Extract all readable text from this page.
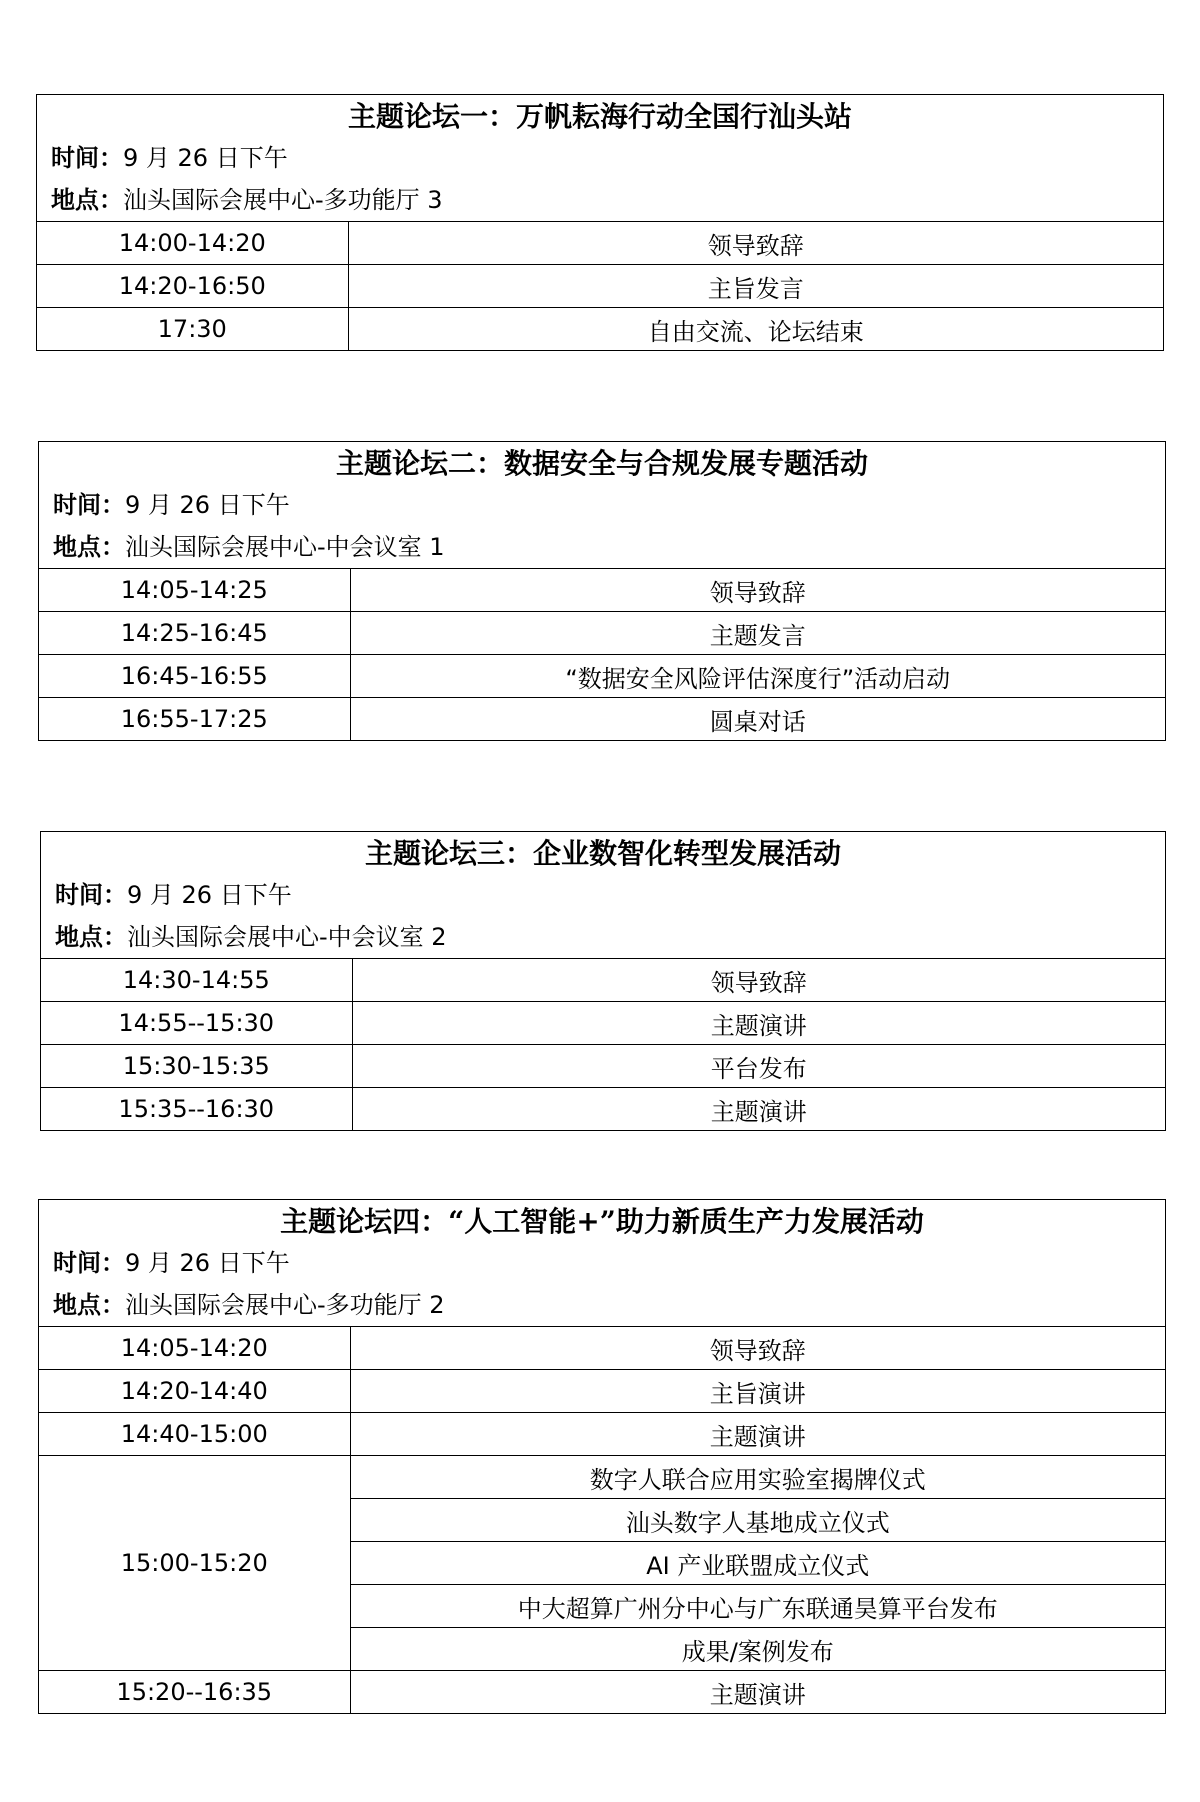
主题论坛一：万帆耘海行动全国行汕头站
时间：9 月 26 日下午
地点：汕头国际会展中心-多功能厅 3
14:00-14:20	领导致辞
14:20-16:50	主旨发言
17:30	自由交流、论坛结束
主题论坛二：数据安全与合规发展专题活动
时间：9 月 26 日下午
地点：汕头国际会展中心-中会议室 1
14:05-14:25	领导致辞
14:25-16:45	主题发言
16:45-16:55	“数据安全风险评估深度行”活动启动
16:55-17:25	圆桌对话
主题论坛三：企业数智化转型发展活动
时间：9 月 26 日下午
地点：汕头国际会展中心-中会议室 2
14:30-14:55	领导致辞
14:55--15:30	主题演讲
15:30-15:35	平台发布
15:35--16:30	主题演讲
主题论坛四：“人工智能+”助力新质生产力发展活动
时间：9 月 26 日下午
地点：汕头国际会展中心-多功能厅 2
14:05-14:20	领导致辞
14:20-14:40	主旨演讲
14:40-15:00	主题演讲
15:00-15:20	数字人联合应用实验室揭牌仪式
	汕头数字人基地成立仪式
	AI 产业联盟成立仪式
	中大超算广州分中心与广东联通昊算平台发布
	成果/案例发布
15:20--16:35	主题演讲
